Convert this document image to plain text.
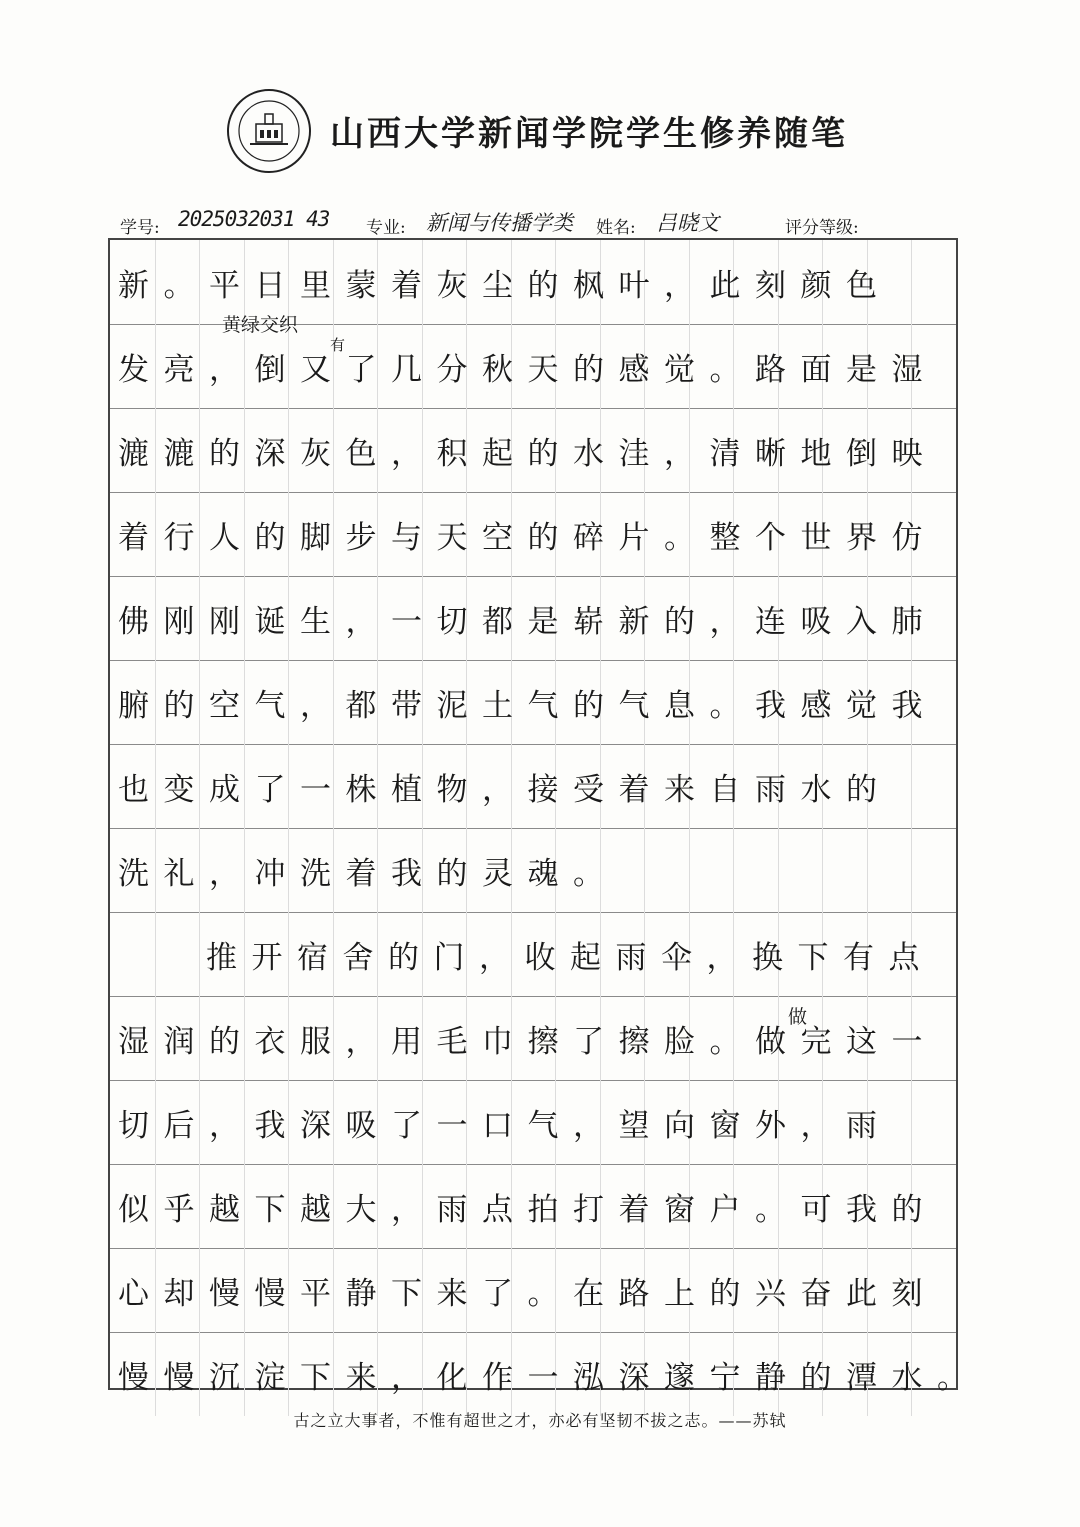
山西大学新闻学院学生修养随笔
学号: 2025032031 43 专业: 新闻与传播学类 姓名: 吕晓文	评分等级:
新。平日里蒙着灰尘的枫叶，此刻颜色
发亮，倒又了几分秋天的感觉。路面是湿
漉漉的深灰色，积起的水洼，清晰地倒映
着行人的脚步与天空的碎片。整个世界仿
佛刚刚诞生，一切都是崭新的，连吸入肺
腑的空气，都带泥土气的气息。我感觉我
也变成了一株植物，接受着来自雨水的
洗礼，冲洗着我的灵魂。
推开宿舍的门，收起雨伞，换下有点
湿润的衣服，用毛巾擦了擦脸。做完这一
切后，我深吸了一口气，望向窗外，雨
似乎越下越大，雨点拍打着窗户。可我的
心却慢慢平静下来了。在路上的兴奋此刻
慢慢沉淀下来，化作一泓深邃宁静的潭水。
黄绿交织
有
做
古之立大事者，不惟有超世之才，亦必有坚韧不拔之志。——苏轼
